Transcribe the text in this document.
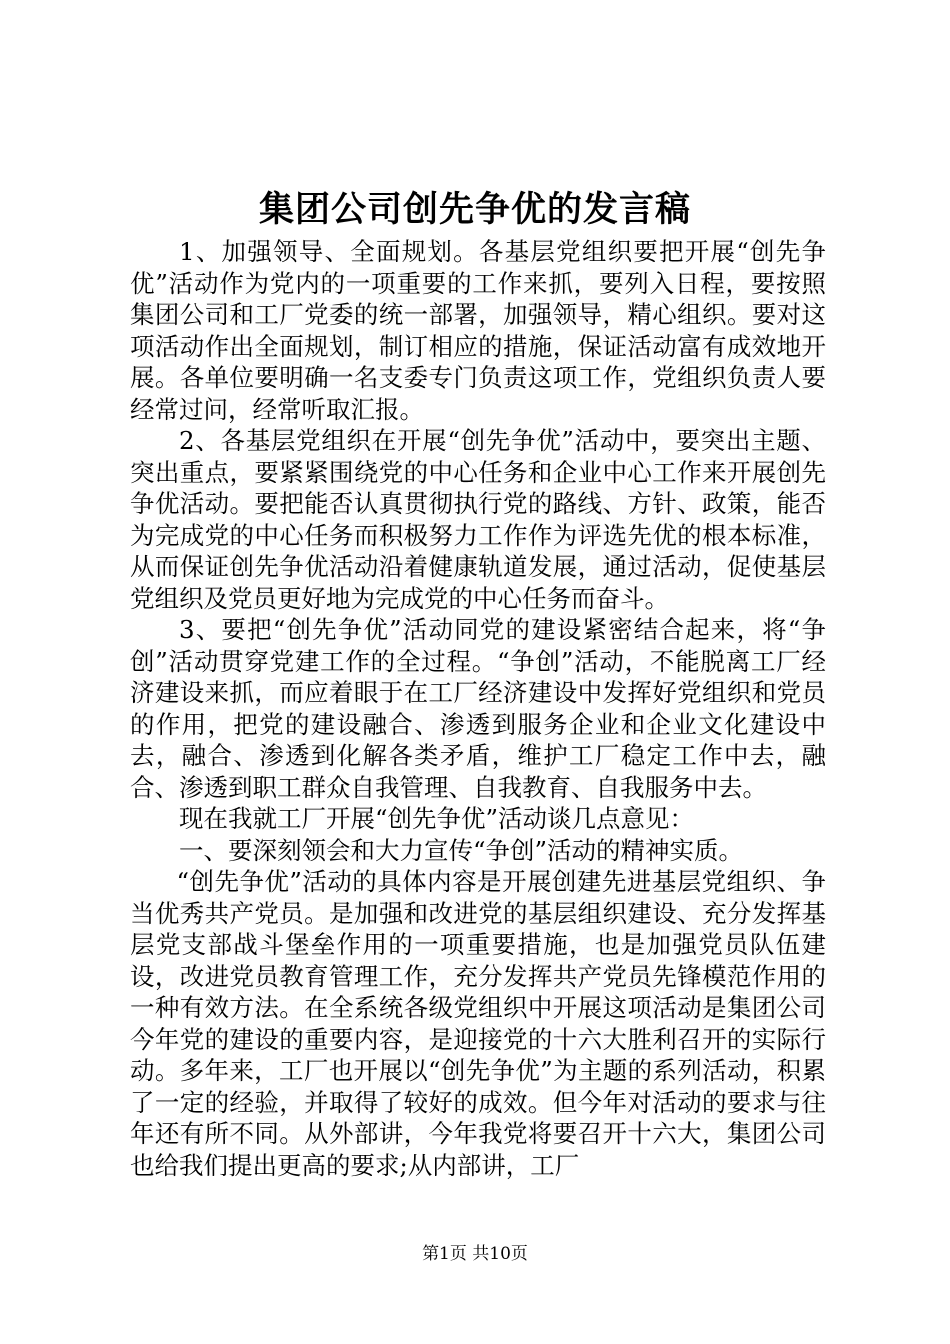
集团公司创先争优的发言稿

1、加强领导、全面规划。各基层党组织要把开展“创先争优”活动作为党内的一项重要的工作来抓，要列入日程，要按照集团公司和工厂党委的统一部署，加强领导，精心组织。要对这项活动作出全面规划，制订相应的措施，保证活动富有成效地开展。各单位要明确一名支委专门负责这项工作，党组织负责人要经常过问，经常听取汇报。

2、各基层党组织在开展“创先争优”活动中，要突出主题、突出重点，要紧紧围绕党的中心任务和企业中心工作来开展创先争优活动。要把能否认真贯彻执行党的路线、方针、政策，能否为完成党的中心任务而积极努力工作作为评选先优的根本标准，从而保证创先争优活动沿着健康轨道发展，通过活动，促使基层党组织及党员更好地为完成党的中心任务而奋斗。

3、要把“创先争优”活动同党的建设紧密结合起来，将“争创”活动贯穿党建工作的全过程。“争创”活动，不能脱离工厂经济建设来抓，而应着眼于在工厂经济建设中发挥好党组织和党员的作用，把党的建设融合、渗透到服务企业和企业文化建设中去，融合、渗透到化解各类矛盾，维护工厂稳定工作中去，融合、渗透到职工群众自我管理、自我教育、自我服务中去。

现在我就工厂开展“创先争优”活动谈几点意见：

一、要深刻领会和大力宣传“争创”活动的精神实质。

“创先争优”活动的具体内容是开展创建先进基层党组织、争当优秀共产党员。是加强和改进党的基层组织建设、充分发挥基层党支部战斗堡垒作用的一项重要措施，也是加强党员队伍建设，改进党员教育管理工作，充分发挥共产党员先锋模范作用的一种有效方法。在全系统各级党组织中开展这项活动是集团公司今年党的建设的重要内容，是迎接党的十六大胜利召开的实际行动。多年来，工厂也开展以“创先争优”为主题的系列活动，积累了一定的经验，并取得了较好的成效。但今年对活动的要求与往年还有所不同。从外部讲，今年我党将要召开十六大，集团公司也给我们提出更高的要求;从内部讲，工厂

第1页 共10页
